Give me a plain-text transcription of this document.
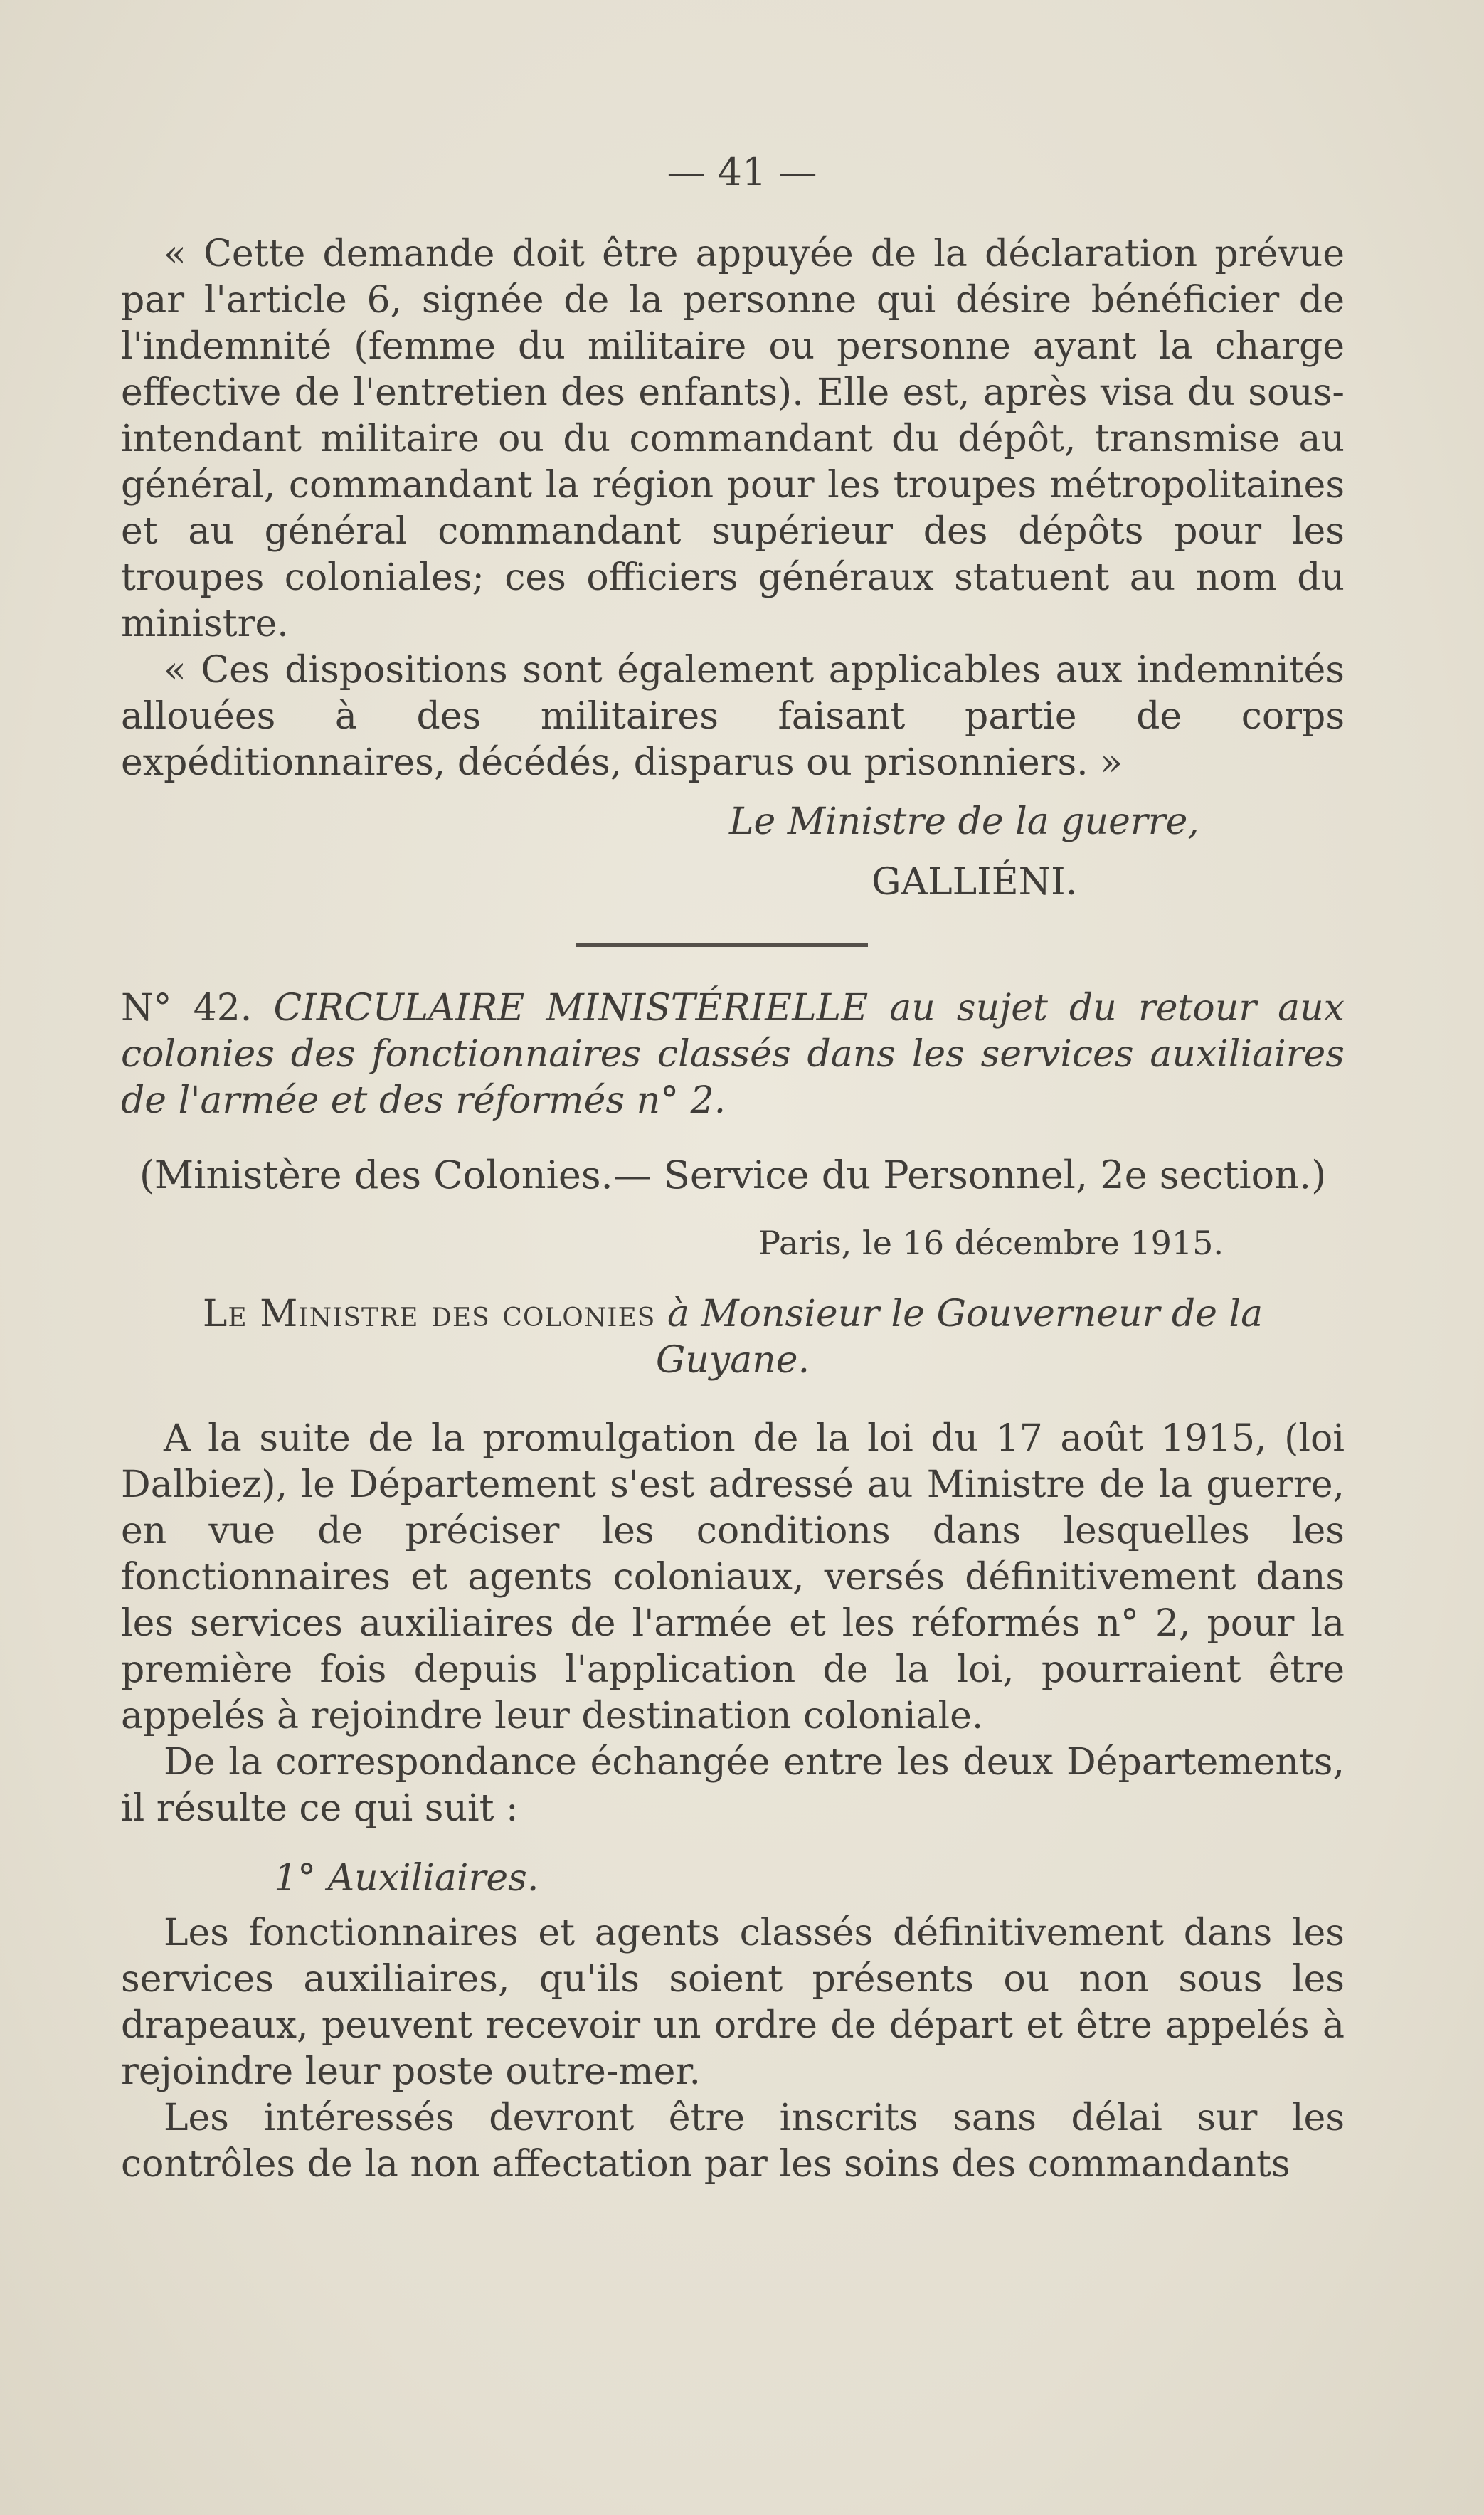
— 41 —

« Cette demande doit être appuyée de la déclaration prévue par l'article 6, signée de la personne qui désire bénéficier de l'indemnité (femme du militaire ou personne ayant la charge effective de l'entretien des enfants). Elle est, après visa du sous-intendant militaire ou du commandant du dépôt, transmise au général, commandant la région pour les troupes métropolitaines et au général commandant supérieur des dépôts pour les troupes coloniales; ces officiers généraux statuent au nom du ministre.

« Ces dispositions sont également applicables aux indemnités allouées à des militaires faisant partie de corps expéditionnaires, décédés, disparus ou prisonniers. »

Le Ministre de la guerre,
GALLIÉNI.

N° 42. CIRCULAIRE MINISTÉRIELLE au sujet du retour aux colonies des fonctionnaires classés dans les services auxiliaires de l'armée et des réformés n° 2.

(Ministère des Colonies.— Service du Personnel, 2e section.)
Paris, le 16 décembre 1915.
Le Ministre des colonies à Monsieur le Gouverneur de la Guyane.

A la suite de la promulgation de la loi du 17 août 1915, (loi Dalbiez), le Département s'est adressé au Ministre de la guerre, en vue de préciser les conditions dans lesquelles les fonctionnaires et agents coloniaux, versés définitivement dans les services auxiliaires de l'armée et les réformés n° 2, pour la première fois depuis l'application de la loi, pourraient être appelés à rejoindre leur destination coloniale.

De la correspondance échangée entre les deux Départements, il résulte ce qui suit :

1° Auxiliaires.

Les fonctionnaires et agents classés définitivement dans les services auxiliaires, qu'ils soient présents ou non sous les drapeaux, peuvent recevoir un ordre de départ et être appelés à rejoindre leur poste outre-mer.

Les intéressés devront être inscrits sans délai sur les contrôles de la non affectation par les soins des commandants
